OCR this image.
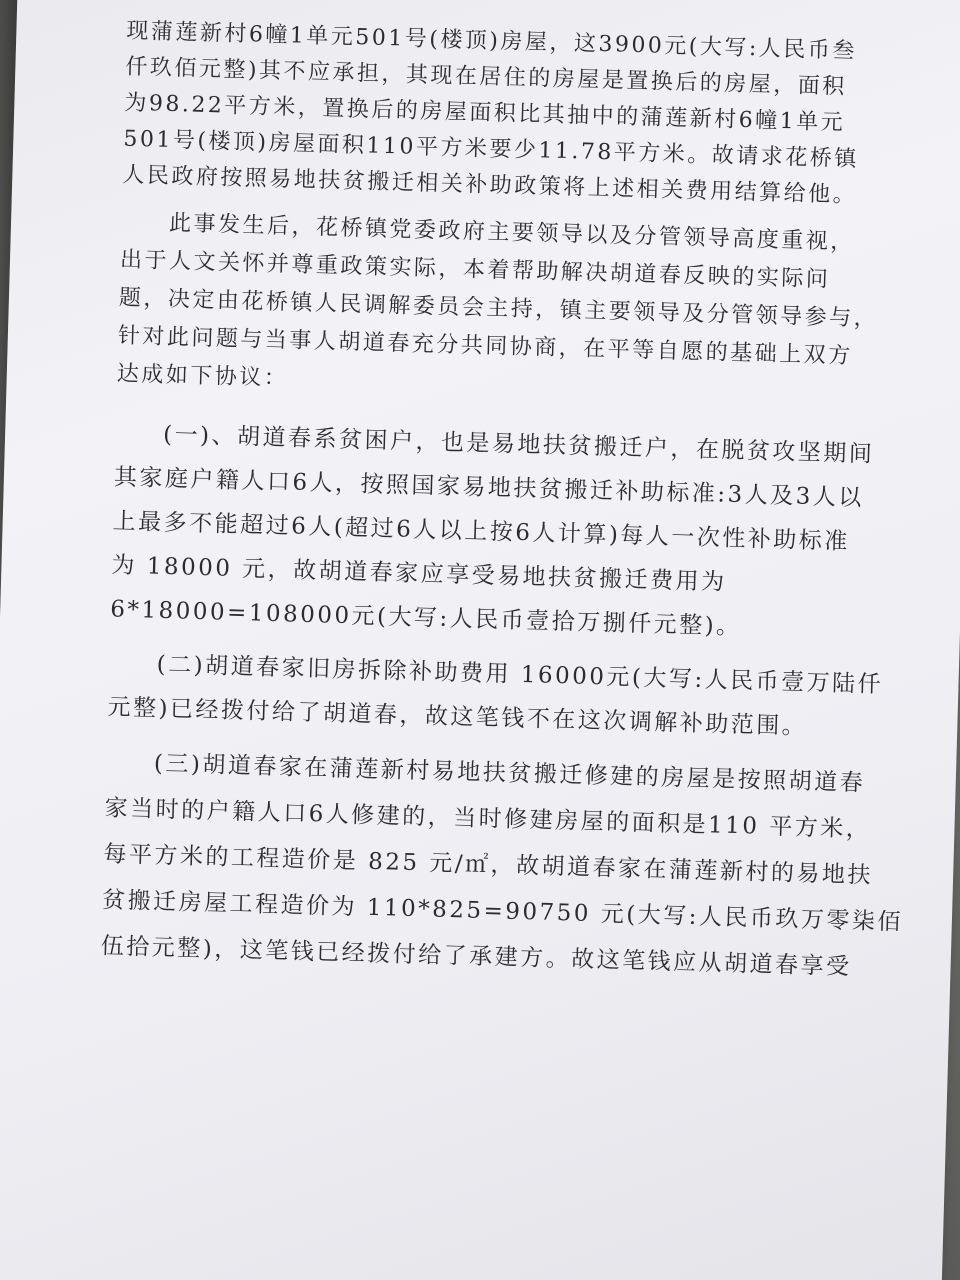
现蒲莲新村6幢1单元501号(楼顶)房屋，这3900元(大写:人民币叁
仟玖佰元整)其不应承担，其现在居住的房屋是置换后的房屋，面积
为98.22平方米，置换后的房屋面积比其抽中的蒲莲新村6幢1单元
501号(楼顶)房屋面积110平方米要少11.78平方米。故请求花桥镇
人民政府按照易地扶贫搬迁相关补助政策将上述相关费用结算给他。
此事发生后，花桥镇党委政府主要领导以及分管领导高度重视，
出于人文关怀并尊重政策实际，本着帮助解决胡道春反映的实际问
题，决定由花桥镇人民调解委员会主持，镇主要领导及分管领导参与，
针对此问题与当事人胡道春充分共同协商，在平等自愿的基础上双方
达成如下协议：
(一)、胡道春系贫困户，也是易地扶贫搬迁户，在脱贫攻坚期间
其家庭户籍人口6人，按照国家易地扶贫搬迁补助标准:3人及3人以
上最多不能超过6人(超过6人以上按6人计算)每人一次性补助标准
为 18000 元，故胡道春家应享受易地扶贫搬迁费用为
6*18000=108000元(大写:人民币壹拾万捌仟元整)。
(二)胡道春家旧房拆除补助费用 16000元(大写:人民币壹万陆仟
元整)已经拨付给了胡道春，故这笔钱不在这次调解补助范围。
(三)胡道春家在蒲莲新村易地扶贫搬迁修建的房屋是按照胡道春
家当时的户籍人口6人修建的，当时修建房屋的面积是110 平方米，
每平方米的工程造价是 825 元/㎡，故胡道春家在蒲莲新村的易地扶
贫搬迁房屋工程造价为 110*825=90750 元(大写:人民币玖万零柒佰
伍拾元整)，这笔钱已经拨付给了承建方。故这笔钱应从胡道春享受
